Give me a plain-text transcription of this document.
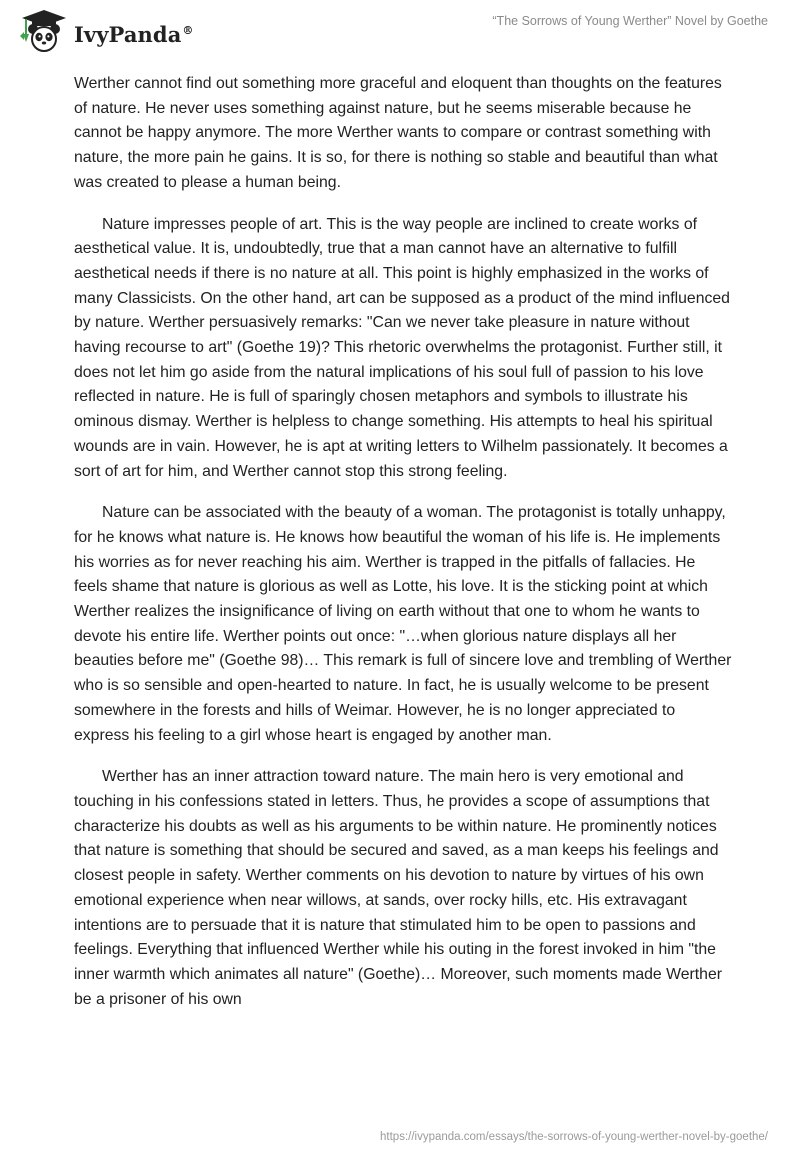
IvyPanda®
“The Sorrows of Young Werther” Novel by Goethe

Werther cannot find out something more graceful and eloquent than thoughts on the features of nature. He never uses something against nature, but he seems miserable because he cannot be happy anymore. The more Werther wants to compare or contrast something with nature, the more pain he gains. It is so, for there is nothing so stable and beautiful than what was created to please a human being.

Nature impresses people of art. This is the way people are inclined to create works of aesthetical value. It is, undoubtedly, true that a man cannot have an alternative to fulfill aesthetical needs if there is no nature at all. This point is highly emphasized in the works of many Classicists. On the other hand, art can be supposed as a product of the mind influenced by nature. Werther persuasively remarks: "Can we never take pleasure in nature without having recourse to art" (Goethe 19)? This rhetoric overwhelms the protagonist. Further still, it does not let him go aside from the natural implications of his soul full of passion to his love reflected in nature. He is full of sparingly chosen metaphors and symbols to illustrate his ominous dismay. Werther is helpless to change something. His attempts to heal his spiritual wounds are in vain. However, he is apt at writing letters to Wilhelm passionately. It becomes a sort of art for him, and Werther cannot stop this strong feeling.

Nature can be associated with the beauty of a woman. The protagonist is totally unhappy, for he knows what nature is. He knows how beautiful the woman of his life is. He implements his worries as for never reaching his aim. Werther is trapped in the pitfalls of fallacies. He feels shame that nature is glorious as well as Lotte, his love. It is the sticking point at which Werther realizes the insignificance of living on earth without that one to whom he wants to devote his entire life. Werther points out once: "…when glorious nature displays all her beauties before me" (Goethe 98)… This remark is full of sincere love and trembling of Werther who is so sensible and open-hearted to nature. In fact, he is usually welcome to be present somewhere in the forests and hills of Weimar. However, he is no longer appreciated to express his feeling to a girl whose heart is engaged by another man.

Werther has an inner attraction toward nature. The main hero is very emotional and touching in his confessions stated in letters. Thus, he provides a scope of assumptions that characterize his doubts as well as his arguments to be within nature. He prominently notices that nature is something that should be secured and saved, as a man keeps his feelings and closest people in safety. Werther comments on his devotion to nature by virtues of his own emotional experience when near willows, at sands, over rocky hills, etc. His extravagant intentions are to persuade that it is nature that stimulated him to be open to passions and feelings. Everything that influenced Werther while his outing in the forest invoked in him "the inner warmth which animates all nature" (Goethe)… Moreover, such moments made Werther be a prisoner of his own

https://ivypanda.com/essays/the-sorrows-of-young-werther-novel-by-goethe/
